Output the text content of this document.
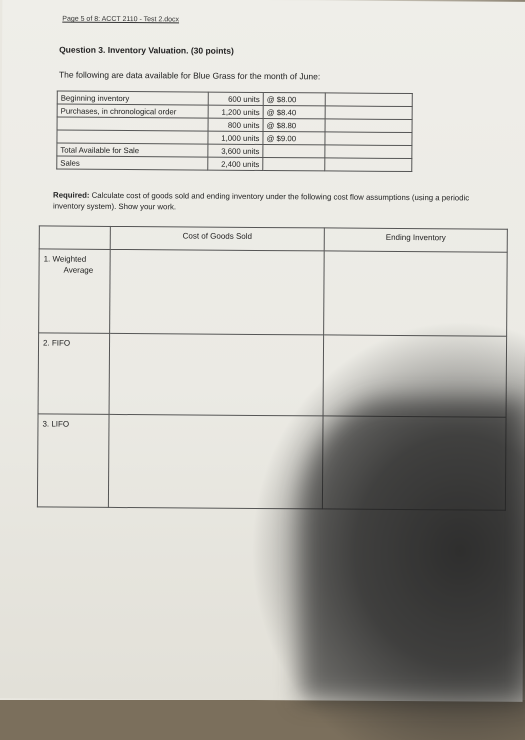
Page 5 of 8: ACCT 2110 - Test 2.docx
Question 3. Inventory Valuation. (30 points)
The following are data available for Blue Grass for the month of June:
Beginning inventory	600 units	@ $8.00	
Purchases, in chronological order	1,200 units	@ $8.40	
	800 units	@ $8.80	
	1,000 units	@ $9.00	
Total Available for Sale	3,600 units		
Sales	2,400 units		
Required: Calculate cost of goods sold and ending inventory under the following cost flow assumptions (using a periodic inventory system). Show your work.
	Cost of Goods Sold	Ending Inventory
1. Weighted
Average		
2. FIFO		
3. LIFO		
